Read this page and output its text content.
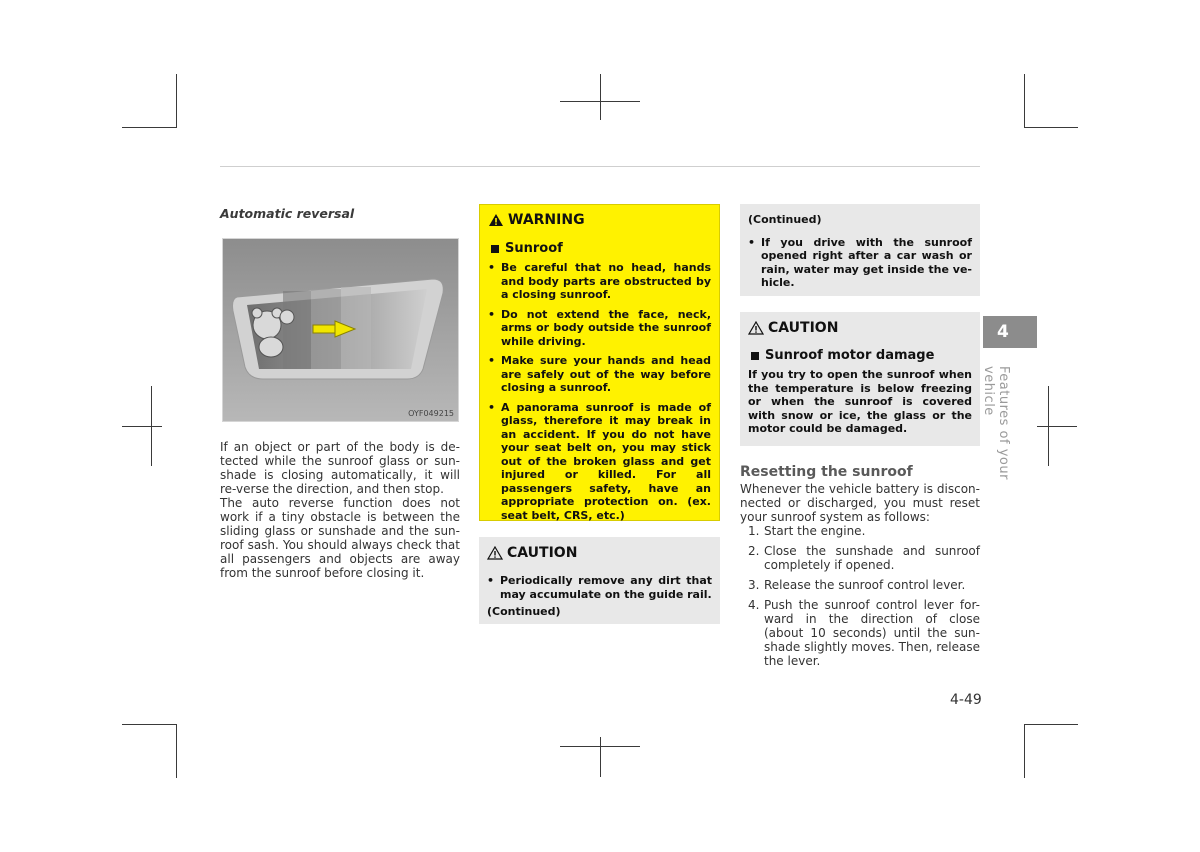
Automatic reversal
OYF049215

If an object or part of the body is de-tected while the sunroof glass or sun-shade is closing automatically, it will re-verse the direction, and then stop.

The auto reverse function does not work if a tiny obstacle is between the sliding glass or sunshade and the sun-roof sash. You should always check that all passengers and objects are away from the sunroof before closing it.

WARNING
Sunroof
• Be careful that no head, hands and body parts are obstructed by a closing sunroof.
• Do not extend the face, neck, arms or body outside the sunroof while driving.
• Make sure your hands and head are safely out of the way before closing a sunroof.
• A panorama sunroof is made of glass, therefore it may break in an accident. If you do not have your seat belt on, you may stick out of the broken glass and get injured or killed. For all passengers safety, have an appropriate protection on. (ex. seat belt, CRS, etc.)
CAUTION
• Periodically remove any dirt that may accumulate on the guide rail.
(Continued)
(Continued)
• If you drive with the sunroof opened right after a car wash or rain, water may get inside the ve-hicle.
CAUTION
Sunroof motor damage
If you try to open the sunroof when the temperature is below freezing or when the sunroof is covered with snow or ice, the glass or the motor could be damaged.
Resetting the sunroof
Whenever the vehicle battery is discon-nected or discharged, you must reset your sunroof system as follows:
1. Start the engine.
2. Close the sunshade and sunroof completely if opened.
3. Release the sunroof control lever.
4. Push the sunroof control lever for-ward in the direction of close (about 10 seconds) until the sun-shade slightly moves. Then, release the lever.
4
Features of your vehicle
4-49
